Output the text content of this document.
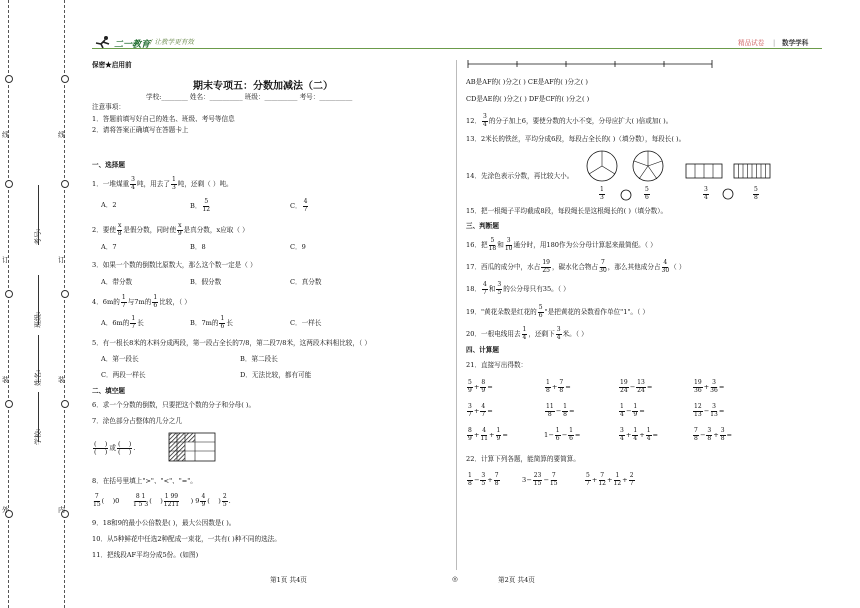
线
订
装
外
线
订
装
内
考号:
班级:
姓名:
学校:
二一教育 / 让教学更有效	精品试卷 | 数学学科
保密★启用前
期末专项五：分数加减法（二）
学校:________ 姓名：__________ 班级：__________ 考号：__________
注意事项：
1．答题前填写好自己的姓名、班级、考号等信息
2．请将答案正确填写在答题卡上
一、选择题
1．一堆煤重 $\frac{3}{4}$ 吨，用去了 $\frac{1}{3}$ 吨，还剩（ ）吨。
A．2	B． $\frac{5}{12}$	C． $\frac{4}{7}$
2．要使 $\frac{x}{8}$ 是假分数，同时使 $\frac{x}{9}$ 是真分数，x应取（ ）
A．7	B．8	C．9
3．如果一个数的倒数比原数大，那么这个数一定是（ ）
A．带分数	B．假分数	C．真分数
4．6m的 $\frac{1}{7}$ 与7m的 $\frac{1}{6}$ 比较，（ ）
A．6m的 $\frac{1}{7}$ 长	B．7m的 $\frac{1}{6}$ 长	C．一样长
5．有一根长8米的木料分成两段，第一段占全长的7/8，第二段7/8米，这两段木料相比较，（ ）
A．第一段长	B．第二段长
C．两段一样长	D．无法比较，都有可能
二、填空题
6．求一个分数的倒数，只要把这个数的分子和分母( )。
7．涂色部分占整体的几分之几
$\frac{( )}{( )}$ 或 $\frac{( )}{( )}$ .
8．在括号里填上">"、"<"、"="。
$\frac{7}{15}$ (    )$0 \frac{8 1}{1 5 3}$ (    ) $\frac{1 99}{1211}$ ) $9 \frac{4}{9}$ (    ) $\frac{2}{5}$ .
9．18和9的最小公倍数是( )，最大公因数是( )。
10．从5种鲜花中任选2种配成一束花，一共有( )种不同的选法。
11．把线段AF平均分成5份。(如图)
第1页 共4页	◎
AB是AF的( )分之( ) CE是AF的( )分之( )
CD是AE的( )分之( ) DF是CF的( )分之( )
12． $\frac{3}{4}$ 的分子加上6，要使分数的大小不变，分母应扩大( )倍或加( )。
13．2米长的铁丝，平均分成6段，每段占全长的( )（填分数），每段长( )。
14．先涂色表示分数，再比较大小。
$\frac{1}{3}$	$\frac{5}{6}$	$\frac{3}{4}$	$\frac{5}{8}$
15．把一根绳子平均截成8段，每段绳长是这根绳长的( )（填分数）。
三、判断题
16．把 $\frac{5}{18}$ 和 $\frac{3}{10}$ 通分时，用180作为公分母计算起来最简便。（ ）
17．西瓜的成分中，水占 $\frac{19}{25}$ ，碳水化合物占 $\frac{7}{30}$ ，那么其他成分占 $\frac{4}{30}$ （ ）
18． $\frac{4}{7}$ 和 $\frac{3}{5}$ 的公分母只有35。（ ）
19．"黄花朵数是红花的 $\frac{5}{6}$ "是把黄花的朵数看作单位"1"。（ ）
20．一根电线用去 $\frac{1}{4}$ ，还剩下 $\frac{3}{4}$ 米。（ ）
四、计算题
21．直接写出得数：
$\frac{5}{9} + \frac{8}{9}$ =	$\frac{1}{8} + \frac{7}{8}$ =	$\frac{19}{24} - \frac{13}{24}$ =	$\frac{19}{36} + \frac{3}{36}$ =
$\frac{3}{7} + \frac{4}{7}$ =	$\frac{11}{8} - \frac{1}{8}$ =	$\frac{1}{4} - \frac{1}{9}$ =	$\frac{12}{13} - \frac{3}{13}$ =
$\frac{8}{9} + \frac{4}{11} + \frac{1}{9}$ =	$1- \frac{1}{6} - \frac{1}{6}$ =	$\frac{3}{4} + \frac{1}{4} + \frac{1}{4}$ =	$\frac{7}{8} - \frac{3}{8} + \frac{3}{8}$ =
22．计算下列各题，能简算的要简算。
$\frac{1}{8} - \frac{3}{5} + \frac{7}{8}$	$3- \frac{23}{15} - \frac{7}{15}$	$\frac{5}{7} + \frac{7}{12} + \frac{1}{12} + \frac{2}{7}$
第2页 共4页
